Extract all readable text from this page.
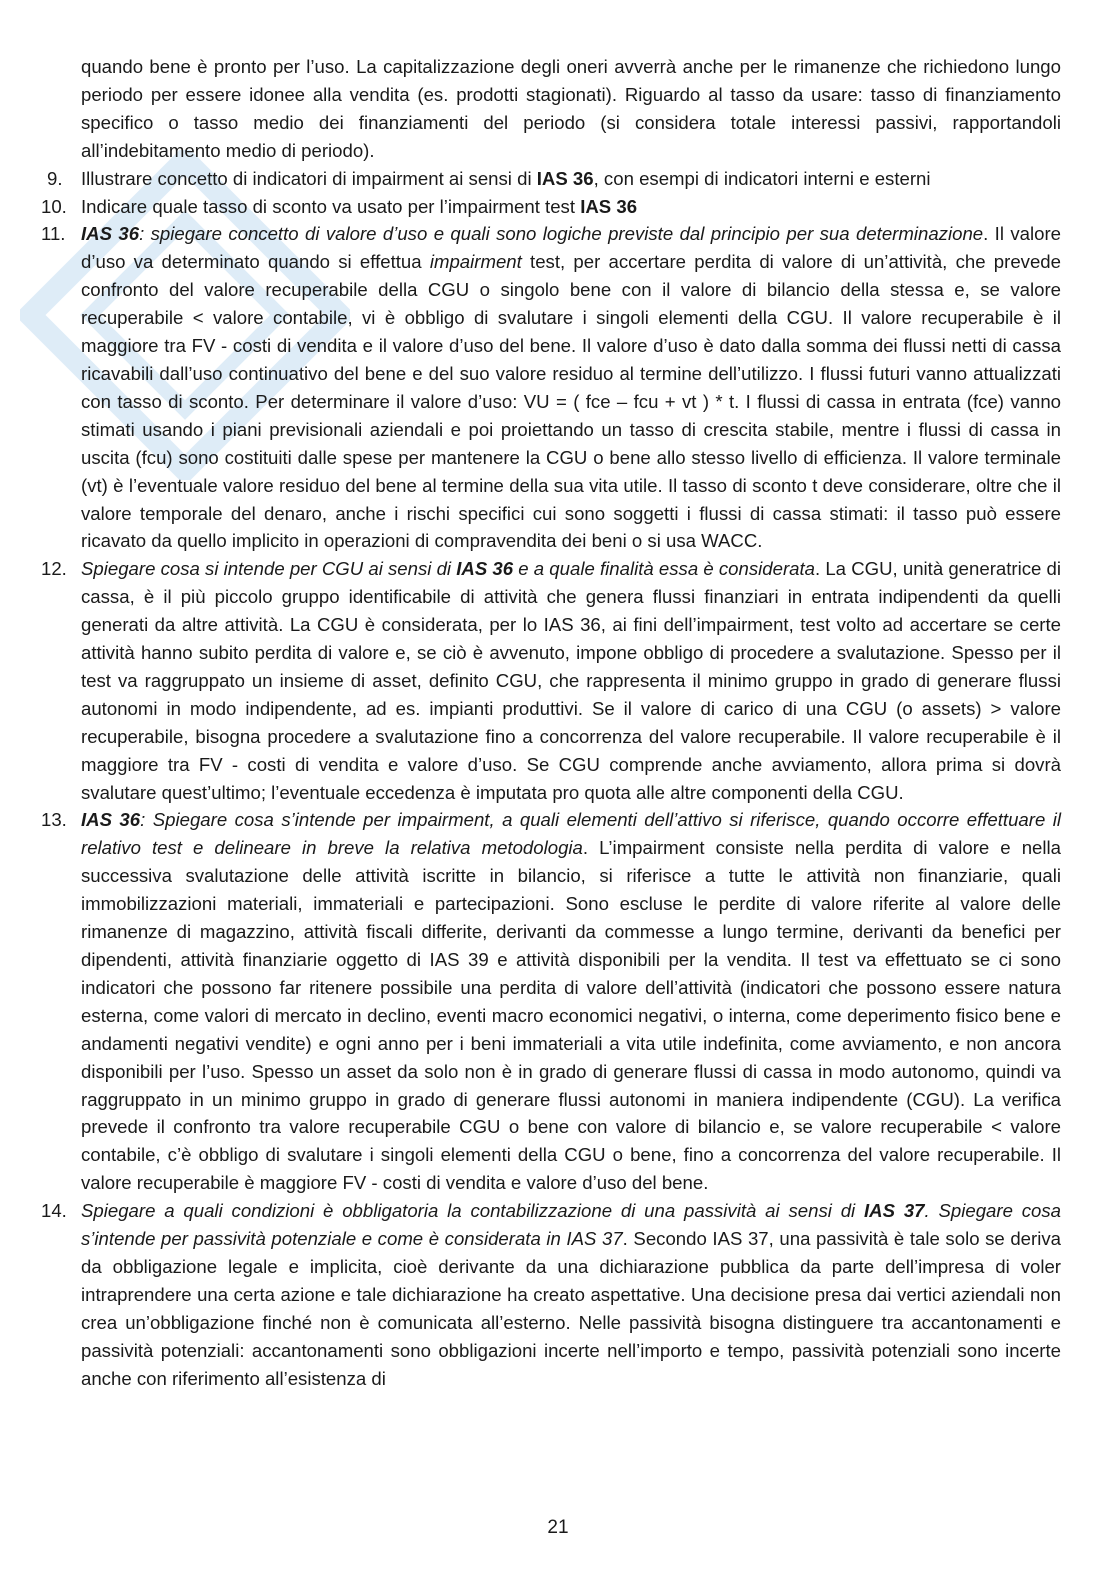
quando bene è pronto per l’uso. La capitalizzazione degli oneri avverrà anche per le rimanenze che richiedono lungo periodo per essere idonee alla vendita (es. prodotti stagionati). Riguardo al tasso da usare: tasso di finanziamento specifico o tasso medio dei finanziamenti del periodo (si considera totale interessi passivi, rapportandoli all’indebitamento medio di periodo).

9. Illustrare concetto di indicatori di impairment ai sensi di IAS 36, con esempi di indicatori interni e esterni
10. Indicare quale tasso di sconto va usato per l’impairment test IAS 36
11. IAS 36: spiegare concetto di valore d’uso e quali sono logiche previste dal principio per sua determinazione. Il valore d’uso va determinato quando si effettua impairment test, per accertare perdita di valore di un’attività, che prevede confronto del valore recuperabile della CGU o singolo bene con il valore di bilancio della stessa e, se valore recuperabile < valore contabile, vi è obbligo di svalutare i singoli elementi della CGU. Il valore recuperabile è il maggiore tra FV - costi di vendita e il valore d’uso del bene. Il valore d’uso è dato dalla somma dei flussi netti di cassa ricavabili dall’uso continuativo del bene e del suo valore residuo al termine dell’utilizzo. I flussi futuri vanno attualizzati con tasso di sconto. Per determinare il valore d’uso: VU = ( fce – fcu + vt ) * t. I flussi di cassa in entrata (fce) vanno stimati usando i piani previsionali aziendali e poi proiettando un tasso di crescita stabile, mentre i flussi di cassa in uscita (fcu) sono costituiti dalle spese per mantenere la CGU o bene allo stesso livello di efficienza. Il valore terminale (vt) è l’eventuale valore residuo del bene al termine della sua vita utile. Il tasso di sconto t deve considerare, oltre che il valore temporale del denaro, anche i rischi specifici cui sono soggetti i flussi di cassa stimati: il tasso può essere ricavato da quello implicito in operazioni di compravendita dei beni o si usa WACC.
12. Spiegare cosa si intende per CGU ai sensi di IAS 36 e a quale finalità essa è considerata. La CGU, unità generatrice di cassa, è il più piccolo gruppo identificabile di attività che genera flussi finanziari in entrata indipendenti da quelli generati da altre attività. La CGU è considerata, per lo IAS 36, ai fini dell’impairment, test volto ad accertare se certe attività hanno subito perdita di valore e, se ciò è avvenuto, impone obbligo di procedere a svalutazione. Spesso per il test va raggruppato un insieme di asset, definito CGU, che rappresenta il minimo gruppo in grado di generare flussi autonomi in modo indipendente, ad es. impianti produttivi. Se il valore di carico di una CGU (o assets) > valore recuperabile, bisogna procedere a svalutazione fino a concorrenza del valore recuperabile. Il valore recuperabile è il maggiore tra FV - costi di vendita e valore d’uso. Se CGU comprende anche avviamento, allora prima si dovrà svalutare quest’ultimo; l’eventuale eccedenza è imputata pro quota alle altre componenti della CGU.
13. IAS 36: Spiegare cosa s’intende per impairment, a quali elementi dell’attivo si riferisce, quando occorre effettuare il relativo test e delineare in breve la relativa metodologia. L’impairment consiste nella perdita di valore e nella successiva svalutazione delle attività iscritte in bilancio, si riferisce a tutte le attività non finanziarie, quali immobilizzazioni materiali, immateriali e partecipazioni. Sono escluse le perdite di valore riferite al valore delle rimanenze di magazzino, attività fiscali differite, derivanti da commesse a lungo termine, derivanti da benefici per dipendenti, attività finanziarie oggetto di IAS 39 e attività disponibili per la vendita. Il test va effettuato se ci sono indicatori che possono far ritenere possibile una perdita di valore dell’attività (indicatori che possono essere natura esterna, come valori di mercato in declino, eventi macro economici negativi, o interna, come deperimento fisico bene e andamenti negativi vendite) e ogni anno per i beni immateriali a vita utile indefinita, come avviamento, e non ancora disponibili per l’uso. Spesso un asset da solo non è in grado di generare flussi di cassa in modo autonomo, quindi va raggruppato in un minimo gruppo in grado di generare flussi autonomi in maniera indipendente (CGU). La verifica prevede il confronto tra valore recuperabile CGU o bene con valore di bilancio e, se valore recuperabile < valore contabile, c’è obbligo di svalutare i singoli elementi della CGU o bene, fino a concorrenza del valore recuperabile. Il valore recuperabile è maggiore FV - costi di vendita e valore d’uso del bene.
14. Spiegare a quali condizioni è obbligatoria la contabilizzazione di una passività ai sensi di IAS 37. Spiegare cosa s’intende per passività potenziale e come è considerata in IAS 37. Secondo IAS 37, una passività è tale solo se deriva da obbligazione legale e implicita, cioè derivante da una dichiarazione pubblica da parte dell’impresa di voler intraprendere una certa azione e tale dichiarazione ha creato aspettative. Una decisione presa dai vertici aziendali non crea un’obbligazione finché non è comunicata all’esterno. Nelle passività bisogna distinguere tra accantonamenti e passività potenziali: accantonamenti sono obbligazioni incerte nell’importo e tempo, passività potenziali sono incerte anche con riferimento all’esistenza di
21
